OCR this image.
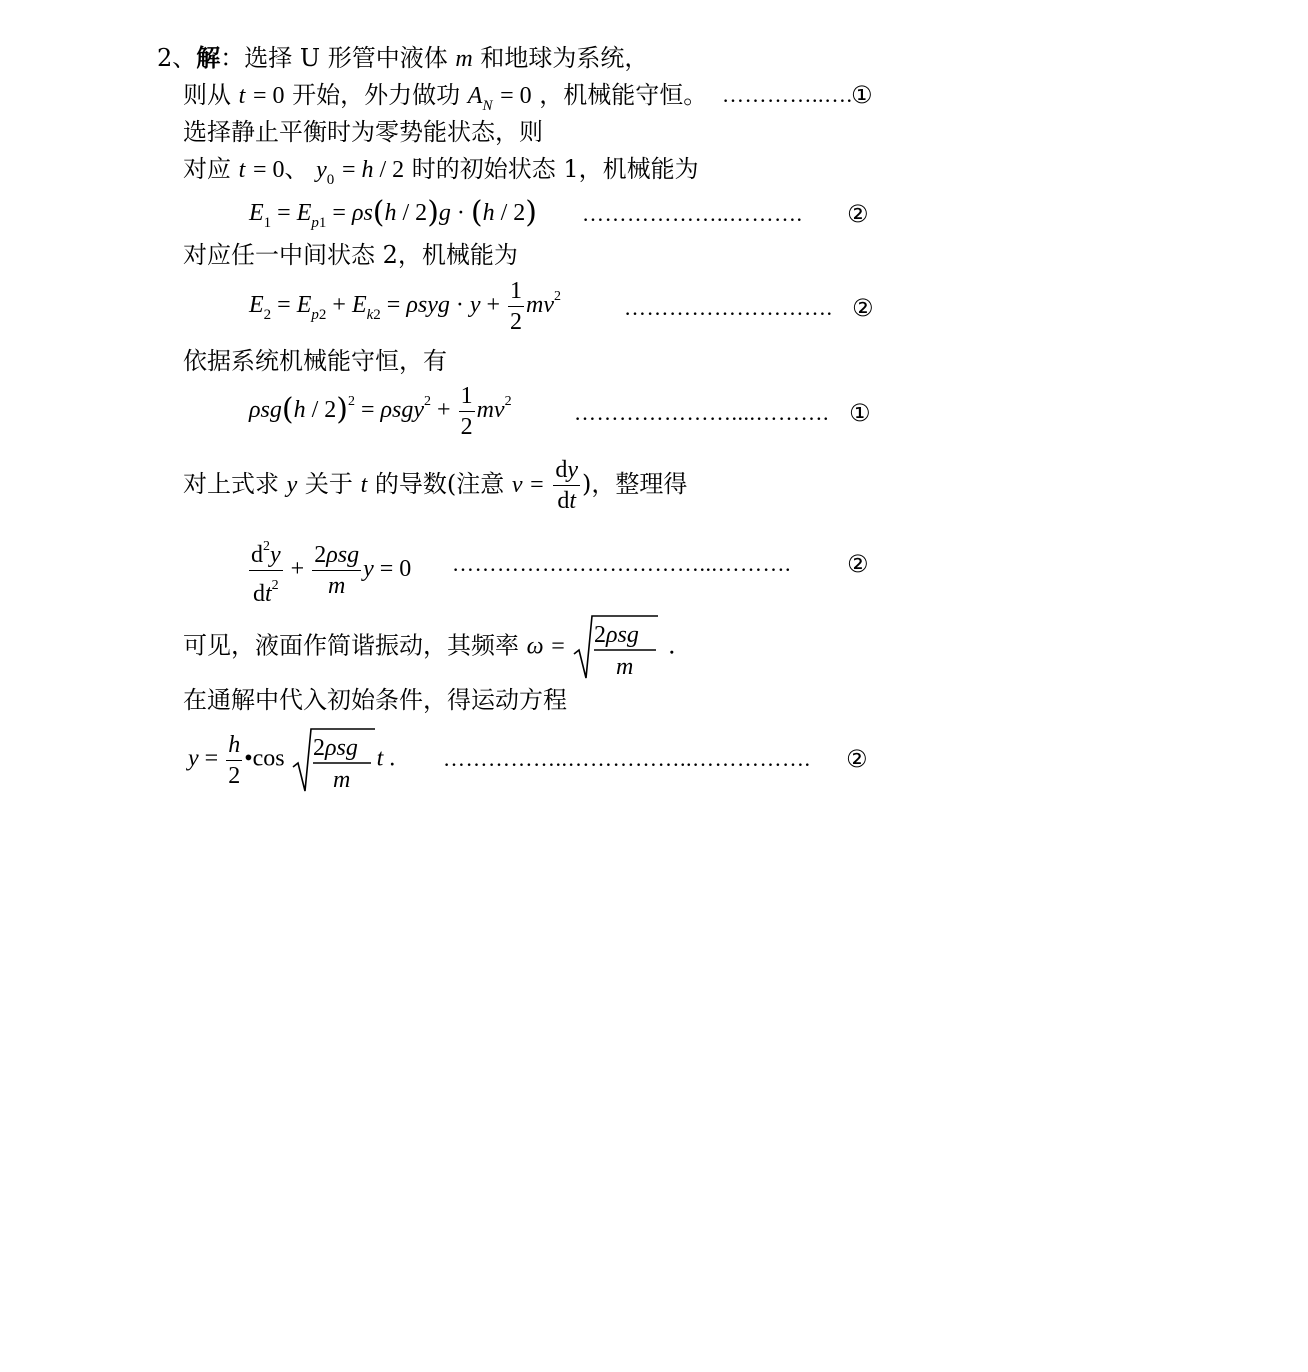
2、解：选择 U 形管中液体 m 和地球为系统，
则从 t = 0 开始，外力做功 $A_N = 0$ ，机械能守恒。 …………..….
①
选择静止平衡时为零势能状态，则
对应 t = 0、 $y_0 = h / 2$ 时的初始状态 1，机械能为
$E_1 = E_{p1} = \rho s(h / 2)g \cdot (h / 2)$ ………………..………. ②
对应任一中间状态 2，机械能为
$E_2 = E_{p2} + E_{k2} = \rho syg \cdot y + \frac{1}{2} mv^2$	………………………. ②
依据系统机械能守恒，有
$\rho sg(h / 2)^2 = \rho sgy^2 + \frac{1}{2} mv^2$	…………………....………. ①
对上式求 y 关于 t 的导数(注意 $v = \frac{dy}{dt}$ )，整理得
$\frac{d^2y}{dt^2} + \frac{\text{2ρsg}}{m}$ y = 0 ……………………………...………. ②
可见，液面作简谐振动，其频率 ω = 2ρsg
m
.
在通解中代入初始条件，得运动方程
$y = \frac{h}{2}$ •cos 2ρsg
m
t . ……………..……………..……………. ②
